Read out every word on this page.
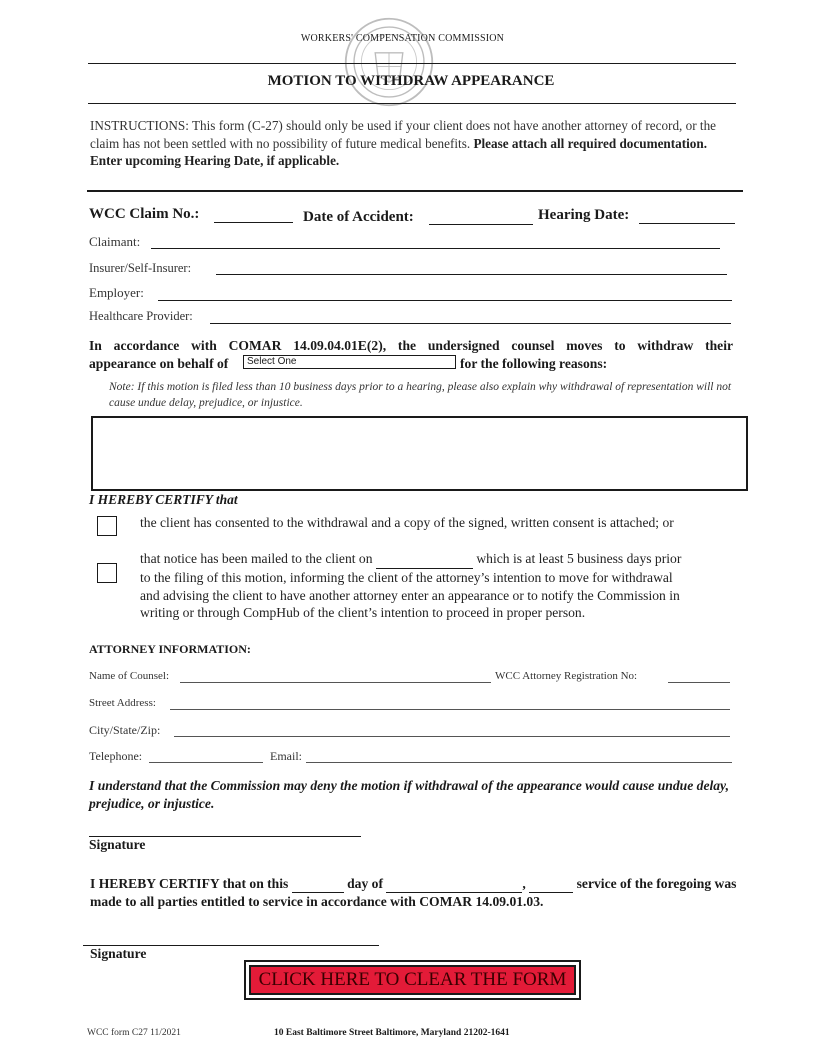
WORKERS' COMPENSATION COMMISSION
MOTION TO WITHDRAW APPEARANCE
INSTRUCTIONS: This form (C-27) should only be used if your client does not have another attorney of record, or the claim has not been settled with no possibility of future medical benefits. Please attach all required documentation. Enter upcoming Hearing Date, if applicable.
WCC Claim No.:	Date of Accident:	Hearing Date:
Claimant:
Insurer/Self-Insurer:
Employer:
Healthcare Provider:
In accordance with COMAR 14.09.04.01E(2), the undersigned counsel moves to withdraw their
appearance on behalf of	Select One	for the following reasons:
Note: If this motion is filed less than 10 business days prior to a hearing, please also explain why withdrawal of representation will not cause undue delay, prejudice, or injustice.
I HEREBY CERTIFY that
the client has consented to the withdrawal and a copy of the signed, written consent is attached; or
that notice has been mailed to the client on	which is at least 5 business days prior
to the filing of this motion, informing the client of the attorney’s intention to move for withdrawal
and advising the client to have another attorney enter an appearance or to notify the Commission in
writing or through CompHub of the client’s intention to proceed in proper person.
ATTORNEY INFORMATION:
Name of Counsel:	WCC Attorney Registration No:
Street Address:
City/State/Zip:
Telephone:	Email:
I understand that the Commission may deny the motion if withdrawal of the appearance would cause undue delay, prejudice, or injustice.
Signature
I HEREBY CERTIFY that on this	day of	,	service of the foregoing was
made to all parties entitled to service in accordance with COMAR 14.09.01.03.
Signature
CLICK HERE TO CLEAR THE FORM
WCC form C27 11/2021	10 East Baltimore Street Baltimore, Maryland 21202-1641
